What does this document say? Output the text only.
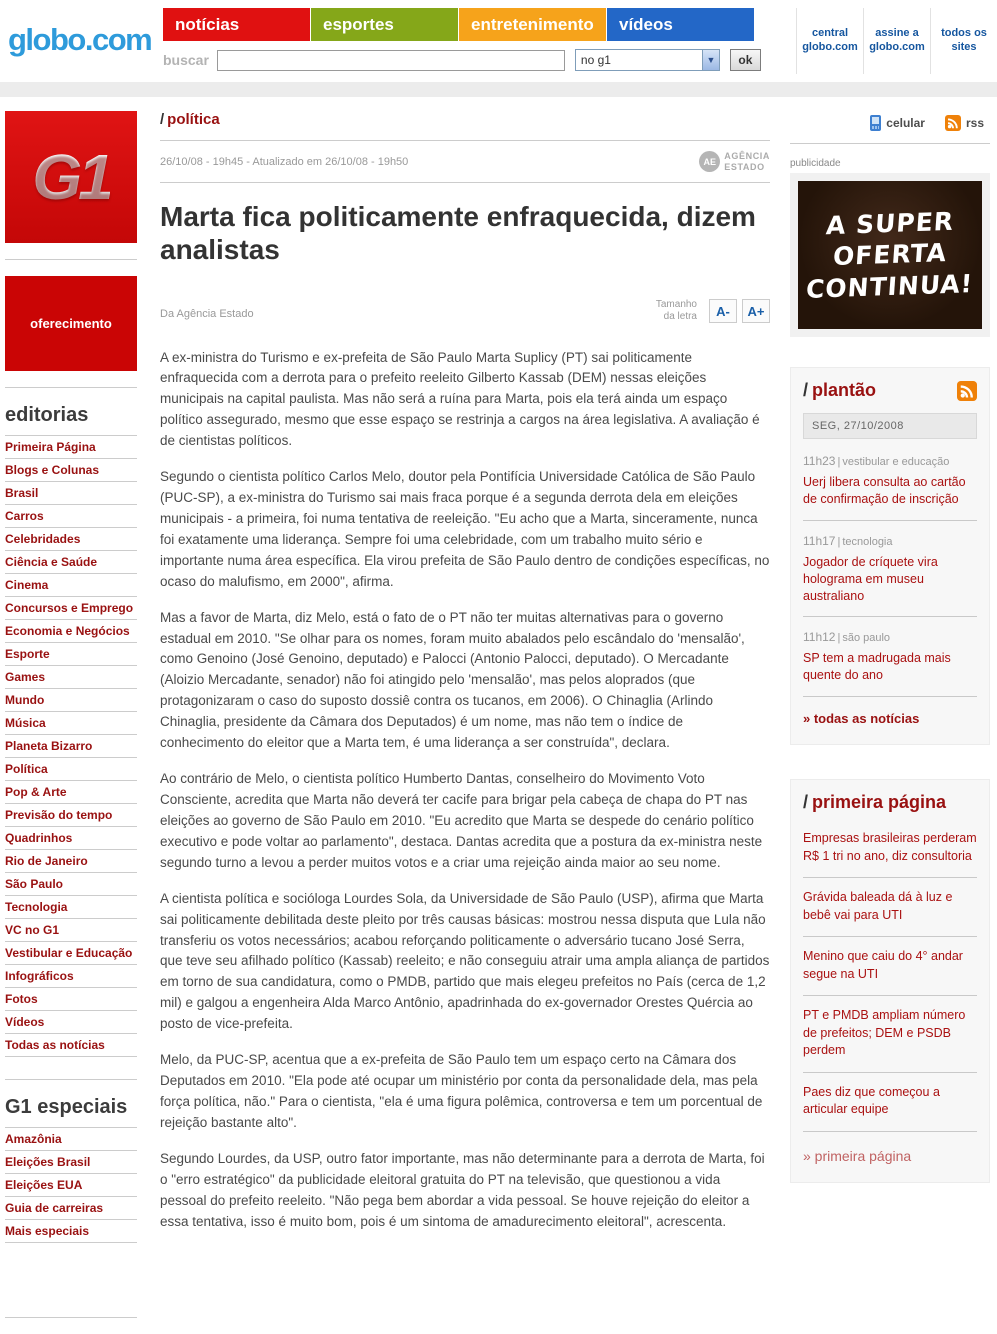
globo.com	notícias	esportes	entretenimento vídeos
buscar	no g1	▼	ok
central globo.com
assine a globo.com
todos os sites
G1
oferecimento
editorias
Primeira Página
Blogs e Colunas
Brasil
Carros
Celebridades
Ciência e Saúde
Cinema
Concursos e Emprego
Economia e Negócios
Esporte
Games
Mundo
Música
Planeta Bizarro
Política
Pop & Arte
Previsão do tempo
Quadrinhos
Rio de Janeiro
São Paulo
Tecnologia
VC no G1
Vestibular e Educação
Infográficos
Fotos
Vídeos
Todas as notícias
G1 especiais
Amazônia
Eleições Brasil
Eleições EUA
Guia de carreiras
Mais especiais
/ política
26/10/08 - 19h45 - Atualizado em 26/10/08 - 19h50	AE
AGÊNCIA
ESTADO
Marta fica politicamente enfraquecida, dizem analistas
Da Agência Estado
Tamanho da letra	A-	A+

A ex-ministra do Turismo e ex-prefeita de São Paulo Marta Suplicy (PT) sai politicamente enfraquecida com a derrota para o prefeito reeleito Gilberto Kassab (DEM) nessas eleições municipais na capital paulista. Mas não será a ruína para Marta, pois ela terá ainda um espaço político assegurado, mesmo que esse espaço se restrinja a cargos na área legislativa. A avaliação é de cientistas políticos.

Segundo o cientista político Carlos Melo, doutor pela Pontifícia Universidade Católica de São Paulo (PUC-SP), a ex-ministra do Turismo sai mais fraca porque é a segunda derrota dela em eleições municipais - a primeira, foi numa tentativa de reeleição. "Eu acho que a Marta, sinceramente, nunca foi exatamente uma liderança. Sempre foi uma celebridade, com um trabalho muito sério e importante numa área específica. Ela virou prefeita de São Paulo dentro de condições específicas, no ocaso do malufismo, em 2000", afirma.

Mas a favor de Marta, diz Melo, está o fato de o PT não ter muitas alternativas para o governo estadual em 2010. "Se olhar para os nomes, foram muito abalados pelo escândalo do 'mensalão', como Genoino (José Genoino, deputado) e Palocci (Antonio Palocci, deputado). O Mercadante (Aloizio Mercadante, senador) não foi atingido pelo 'mensalão', mas pelos aloprados (que protagonizaram o caso do suposto dossiê contra os tucanos, em 2006). O Chinaglia (Arlindo Chinaglia, presidente da Câmara dos Deputados) é um nome, mas não tem o índice de conhecimento do eleitor que a Marta tem, é uma liderança a ser construída", declara.

Ao contrário de Melo, o cientista político Humberto Dantas, conselheiro do Movimento Voto Consciente, acredita que Marta não deverá ter cacife para brigar pela cabeça de chapa do PT nas eleições ao governo de São Paulo em 2010. "Eu acredito que Marta se despede do cenário político executivo e pode voltar ao parlamento", destaca. Dantas acredita que a postura da ex-ministra neste segundo turno a levou a perder muitos votos e a criar uma rejeição ainda maior ao seu nome.

A cientista política e socióloga Lourdes Sola, da Universidade de São Paulo (USP), afirma que Marta sai politicamente debilitada deste pleito por três causas básicas: mostrou nessa disputa que Lula não transferiu os votos necessários; acabou reforçando politicamente o adversário tucano José Serra, que teve seu afilhado político (Kassab) reeleito; e não conseguiu atrair uma ampla aliança de partidos em torno de sua candidatura, como o PMDB, partido que mais elegeu prefeitos no País (cerca de 1,2 mil) e galgou a engenheira Alda Marco Antônio, apadrinhada do ex-governador Orestes Quércia ao posto de vice-prefeita.

Melo, da PUC-SP, acentua que a ex-prefeita de São Paulo tem um espaço certo na Câmara dos Deputados em 2010. "Ela pode até ocupar um ministério por conta da personalidade dela, mas pela força política, não." Para o cientista, "ela é uma figura polêmica, controversa e tem um porcentual de rejeição bastante alto".

Segundo Lourdes, da USP, outro fator importante, mas não determinante para a derrota de Marta, foi o "erro estratégico" da publicidade eleitoral gratuita do PT na televisão, que questionou a vida pessoal do prefeito reeleito. "Não pega bem abordar a vida pessoal. Se houve rejeição do eleitor a essa tentativa, isso é muito bom, pois é um sintoma de amadurecimento eleitoral", acrescenta.

celular	rss
publicidade
A SUPER
OFERTA
CONTINUA!
/ plantão
SEG, 27/10/2008
11h23 | vestibular e educação
Uerj libera consulta ao cartão de confirmação de inscrição
11h17 | tecnologia
Jogador de críquete vira holograma em museu australiano
11h12 | são paulo
SP tem a madrugada mais quente do ano
» todas as notícias
/ primeira página
Empresas brasileiras perderam R$ 1 tri no ano, diz consultoria
Grávida baleada dá à luz e bebê vai para UTI
Menino que caiu do 4° andar segue na UTI
PT e PMDB ampliam número de prefeitos; DEM e PSDB perdem
Paes diz que começou a articular equipe
» primeira página
